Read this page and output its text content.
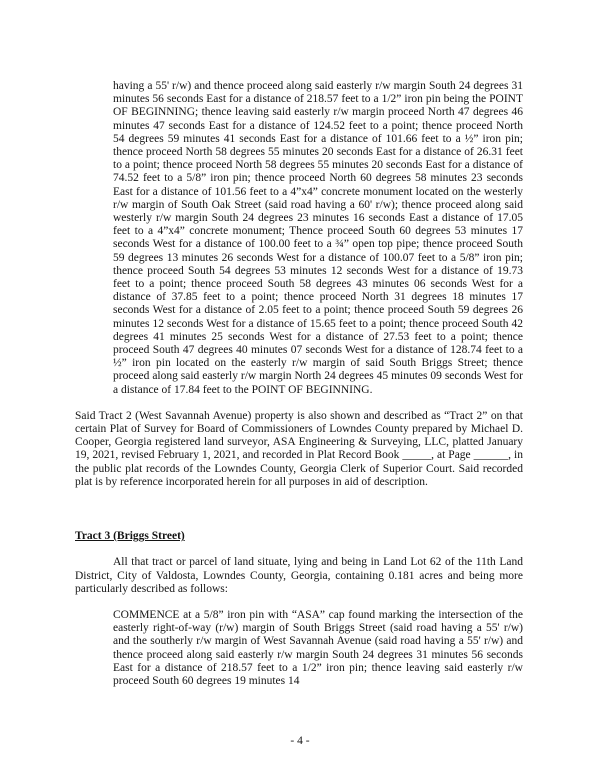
having a 55' r/w) and thence proceed along said easterly r/w margin South 24 degrees 31 minutes 56 seconds East for a distance of 218.57 feet to a 1/2” iron pin being the POINT OF BEGINNING; thence leaving said easterly r/w margin proceed North 47 degrees 46 minutes 47 seconds East for a distance of 124.52 feet to a point; thence proceed North 54 degrees 59 minutes 41 seconds East for a distance of 101.66 feet to a ½” iron pin; thence proceed North 58 degrees 55 minutes 20 seconds East for a distance of 26.31 feet to a point; thence proceed North 58 degrees 55 minutes 20 seconds East for a distance of 74.52 feet to a 5/8” iron pin; thence proceed North 60 degrees 58 minutes 23 seconds East for a distance of 101.56 feet to a 4”x4” concrete monument located on the westerly r/w margin of South Oak Street (said road having a 60' r/w); thence proceed along said westerly r/w margin South 24 degrees 23 minutes 16 seconds East a distance of 17.05 feet to a 4”x4” concrete monument; Thence proceed South 60 degrees 53 minutes 17 seconds West for a distance of 100.00 feet to a ¾” open top pipe; thence proceed South 59 degrees 13 minutes 26 seconds West for a distance of 100.07 feet to a 5/8” iron pin; thence proceed South 54 degrees 53 minutes 12 seconds West for a distance of 19.73 feet to a point; thence proceed South 58 degrees 43 minutes 06 seconds West for a distance of 37.85 feet to a point; thence proceed North 31 degrees 18 minutes 17 seconds West for a distance of 2.05 feet to a point; thence proceed South 59 degrees 26 minutes 12 seconds West for a distance of 15.65 feet to a point; thence proceed South 42 degrees 41 minutes 25 seconds West for a distance of 27.53 feet to a point; thence proceed South 47 degrees 40 minutes 07 seconds West for a distance of 128.74 feet to a ½” iron pin located on the easterly r/w margin of said South Briggs Street; thence proceed along said easterly r/w margin North 24 degrees 45 minutes 09 seconds West for a distance of 17.84 feet to the POINT OF BEGINNING.

Said Tract 2 (West Savannah Avenue) property is also shown and described as “Tract 2” on that certain Plat of Survey for Board of Commissioners of Lowndes County prepared by Michael D. Cooper, Georgia registered land surveyor, ASA Engineering & Surveying, LLC, platted January 19, 2021, revised February 1, 2021, and recorded in Plat Record Book _____, at Page ______, in the public plat records of the Lowndes County, Georgia Clerk of Superior Court. Said recorded plat is by reference incorporated herein for all purposes in aid of description.

Tract 3 (Briggs Street)

All that tract or parcel of land situate, lying and being in Land Lot 62 of the 11th Land District, City of Valdosta, Lowndes County, Georgia, containing 0.181 acres and being more particularly described as follows:

COMMENCE at a 5/8” iron pin with “ASA” cap found marking the intersection of the easterly right-of-way (r/w) margin of South Briggs Street (said road having a 55' r/w) and the southerly r/w margin of West Savannah Avenue (said road having a 55' r/w) and thence proceed along said easterly r/w margin South 24 degrees 31 minutes 56 seconds East for a distance of 218.57 feet to a 1/2” iron pin; thence leaving said easterly r/w proceed South 60 degrees 19 minutes 14

- 4 -
